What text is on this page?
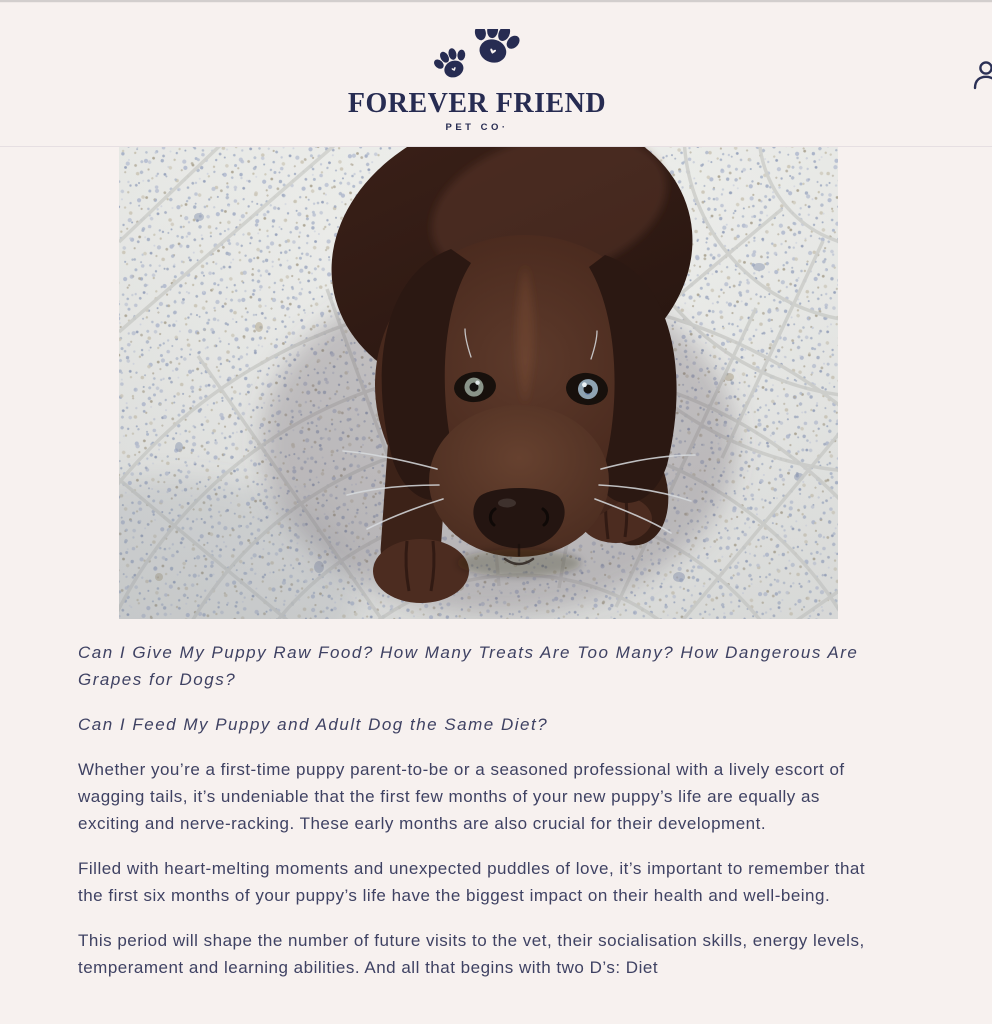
FOREVER FRIEND
PET CO·

Can I Give My Puppy Raw Food? How Many Treats Are Too Many? How Dangerous Are Grapes for Dogs?

Can I Feed My Puppy and Adult Dog the Same Diet?

Whether you’re a first-time puppy parent-to-be or a seasoned professional with a lively escort of wagging tails, it’s undeniable that the first few months of your new puppy’s life are equally as exciting and nerve-racking. These early months are also crucial for their development.

Filled with heart-melting moments and unexpected puddles of love, it’s important to remember that the first six months of your puppy’s life have the biggest impact on their health and well-being.

This period will shape the number of future visits to the vet, their socialisation skills, energy levels, temperament and learning abilities. And all that begins with two D’s: Diet
